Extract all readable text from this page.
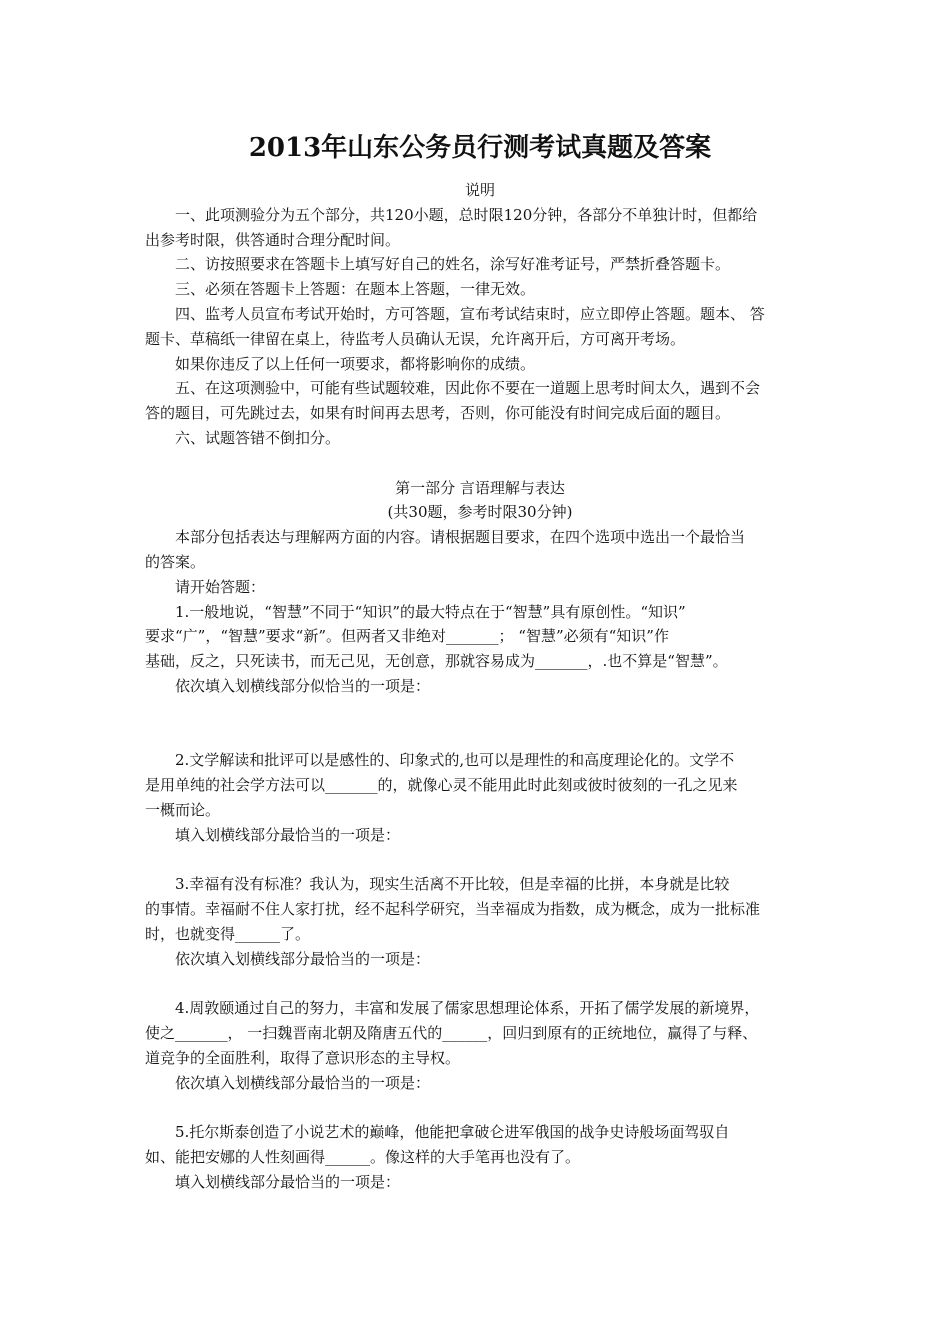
2013年山东公务员行测考试真题及答案
说明
一、此项测验分为五个部分，共120小题，总时限120分钟，各部分不单独计时，但都给
出参考时限，供答通时合理分配时间。
二、访按照要求在答题卡上填写好自己的姓名，涂写好准考证号，严禁折叠答题卡。
三、必须在答题卡上答题：在题本上答题，一律无效。
四、监考人员宣布考试开始时，方可答题，宣布考试结束时，应立即停止答题。题本、 答
题卡、草稿纸一律留在桌上，待监考人员确认无误，允许离开后，方可离开考场。
如果你违反了以上任何一项要求，都将影响你的成绩。
五、在这项测验中，可能有些试题较难，因此你不要在一道题上思考时间太久，遇到不会
答的题目，可先跳过去，如果有时间再去思考，否则，你可能没有时间完成后面的题目。
六、试题答错不倒扣分。
第一部分 言语理解与表达
(共30题，参考时限30分钟)
本部分包括表达与理解两方面的内容。请根据题目要求，在四个选项中选出一个最恰当
的答案。
请开始答题：
1.一般地说，“智慧”不同于“知识”的最大特点在于“智慧”具有原创性。“知识”
要求“广”，“智慧”要求“新”。但两者又非绝对_______； “智慧”必须有“知识”作
基础，反之，只死读书，而无己见，无创意，那就容易成为_______，.也不算是“智慧”。
依次填入划横线部分似恰当的一项是：

2.文学解读和批评可以是感性的、印象式的,也可以是理性的和高度理论化的。文学不
是用单纯的社会学方法可以_______的，就像心灵不能用此时此刻或彼时彼刻的一孔之见来
一概而论。
填入划横线部分最恰当的一项是：

3.幸福有没有标准？我认为，现实生活离不开比较，但是幸福的比拼，本身就是比较
的事情。幸福耐不住人家打扰，经不起科学研究，当幸福成为指数，成为概念，成为一批标准
时，也就变得______了。
依次填入划横线部分最恰当的一项是：

4.周敦颐通过自己的努力，丰富和发展了儒家思想理论体系，开拓了儒学发展的新境界，
使之_______， 一扫魏晋南北朝及隋唐五代的______，回归到原有的正统地位，赢得了与释、
道竞争的全面胜利，取得了意识形态的主导权。
依次填入划横线部分最恰当的一项是：

5.托尔斯泰创造了小说艺术的巅峰，他能把拿破仑进军俄国的战争史诗般场面驾驭自
如、能把安娜的人性刻画得______。像这样的大手笔再也没有了。
填入划横线部分最恰当的一项是：
